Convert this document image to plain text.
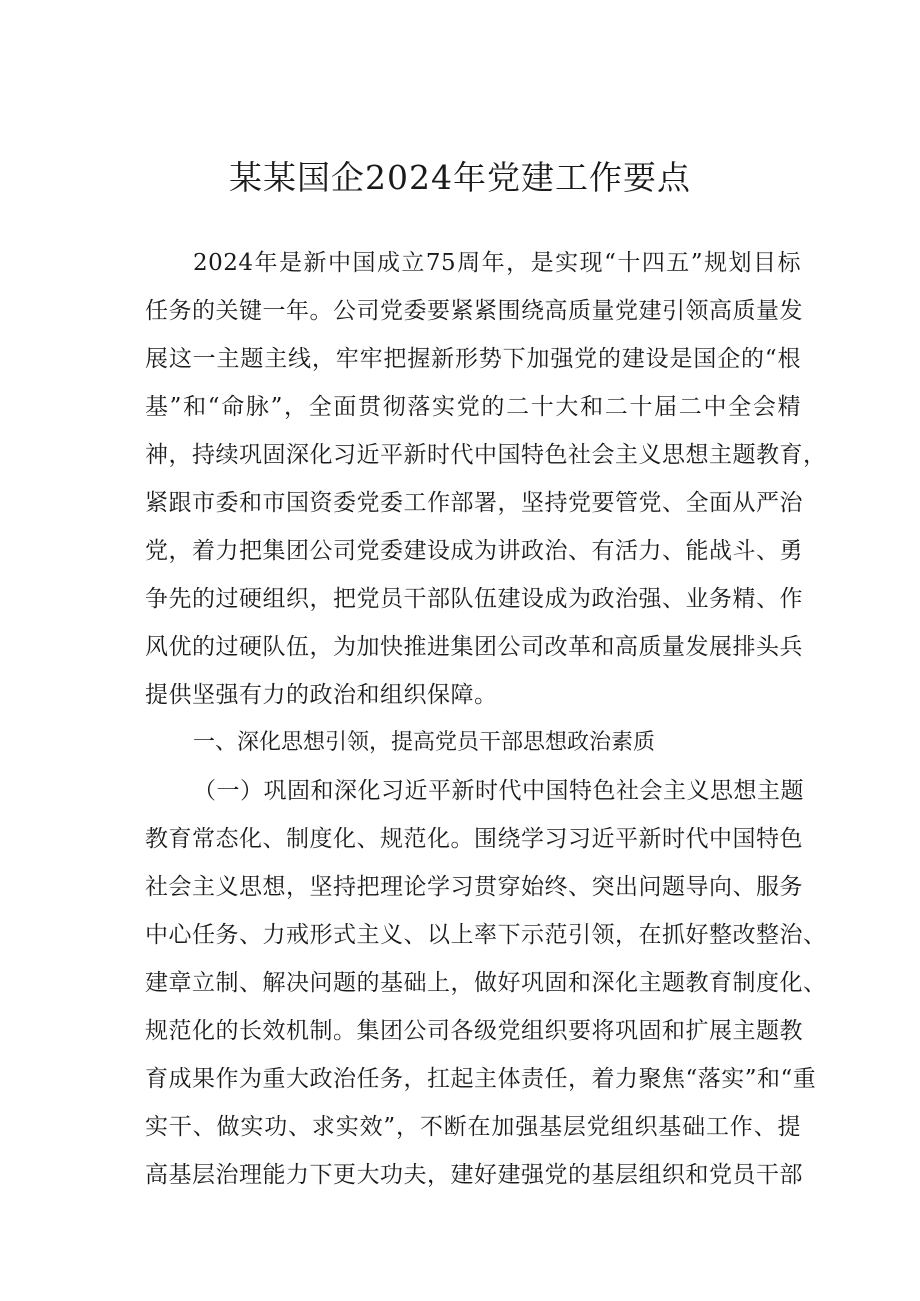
某某国企2024年党建工作要点
2024年是新中国成立75周年，是实现“十四五”规划目标
任务的关键一年。公司党委要紧紧围绕高质量党建引领高质量发
展这一主题主线，牢牢把握新形势下加强党的建设是国企的“根
基”和“命脉”，全面贯彻落实党的二十大和二十届二中全会精
神，持续巩固深化习近平新时代中国特色社会主义思想主题教育，
紧跟市委和市国资委党委工作部署，坚持党要管党、全面从严治
党，着力把集团公司党委建设成为讲政治、有活力、能战斗、勇
争先的过硬组织，把党员干部队伍建设成为政治强、业务精、作
风优的过硬队伍，为加快推进集团公司改革和高质量发展排头兵
提供坚强有力的政治和组织保障。
一、深化思想引领，提高党员干部思想政治素质
（一）巩固和深化习近平新时代中国特色社会主义思想主题
教育常态化、制度化、规范化。围绕学习习近平新时代中国特色
社会主义思想，坚持把理论学习贯穿始终、突出问题导向、服务
中心任务、力戒形式主义、以上率下示范引领，在抓好整改整治、
建章立制、解决问题的基础上，做好巩固和深化主题教育制度化、
规范化的长效机制。集团公司各级党组织要将巩固和扩展主题教
育成果作为重大政治任务，扛起主体责任，着力聚焦“落实”和“重
实干、做实功、求实效”，不断在加强基层党组织基础工作、提
高基层治理能力下更大功夫，建好建强党的基层组织和党员干部
